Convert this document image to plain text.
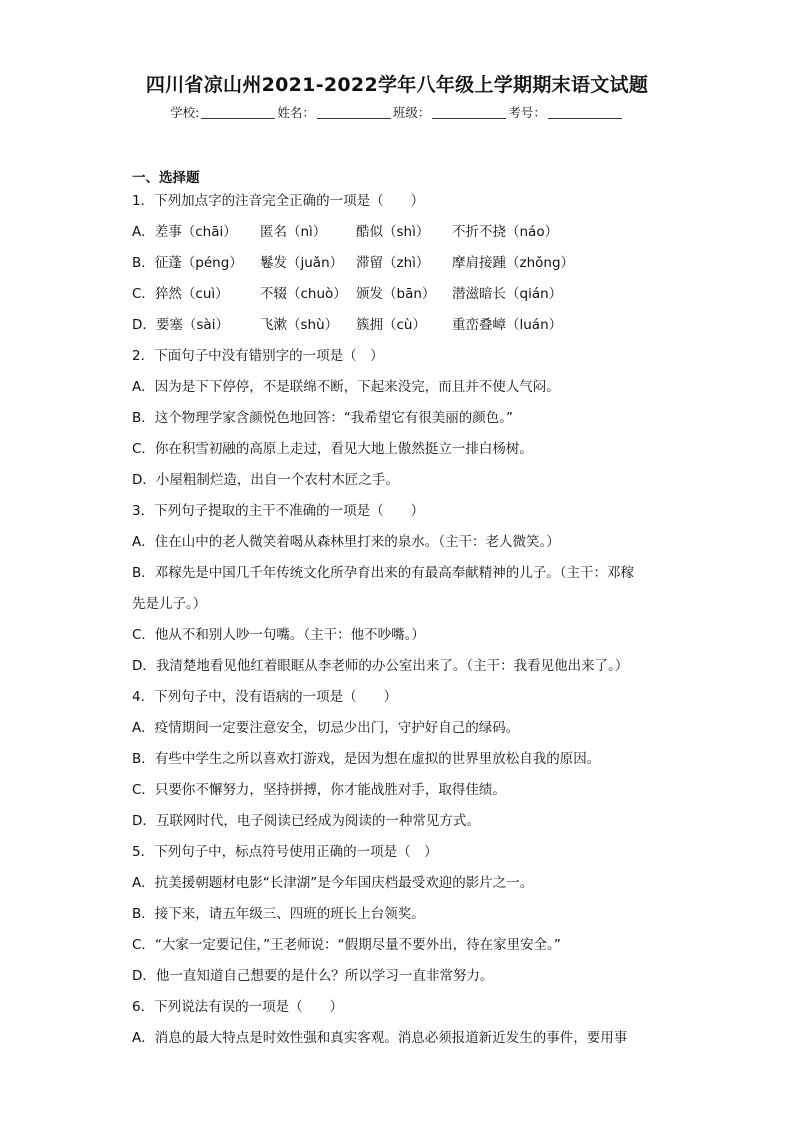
四川省凉山州2021-2022学年八年级上学期期末语文试题
学校:	姓名：	班级：	考号：
一、选择题
1．下列加点字的注音完全正确的一项是（　　）
A．差事（chāi） 匿名（nì） 酷似（shì） 不折不挠（náo）
B．征蓬（péng） 鬈发（juǎn） 滞留（zhì） 摩肩接踵（zhǒng）
C．猝然（cuì） 不辍（chuò） 颁发（bān） 潜滋暗长（qián）
D．要塞（sài） 飞漱（shù） 簇拥（cù） 重峦叠嶂（luán）
2．下面句子中没有错别字的一项是（　）
A．因为是下下停停，不是联绵不断，下起来没完，而且并不使人气闷。
B．这个物理学家含颜悦色地回答：“我希望它有很美丽的颜色。”
C．你在积雪初融的高原上走过，看见大地上傲然挺立一排白杨树。
D．小屋粗制烂造，出自一个农村木匠之手。
3．下列句子提取的主干不准确的一项是（　　）
A．住在山中的老人微笑着喝从森林里打来的泉水。（主干：老人微笑。）
B．邓稼先是中国几千年传统文化所孕育出来的有最高奉献精神的儿子。（主干：邓稼
先是儿子。）
C．他从不和别人吵一句嘴。（主干：他不吵嘴。）
D．我清楚地看见他红着眼眶从李老师的办公室出来了。（主干：我看见他出来了。）
4．下列句子中，没有语病的一项是（　　）
A．疫情期间一定要注意安全，切忌少出门，守护好自己的绿码。
B．有些中学生之所以喜欢打游戏，是因为想在虚拟的世界里放松自我的原因。
C．只要你不懈努力，坚持拼搏，你才能战胜对手，取得佳绩。
D．互联网时代，电子阅读已经成为阅读的一种常见方式。
5．下列句子中，标点符号使用正确的一项是（　）
A．抗美援朝题材电影“长津湖”是今年国庆档最受欢迎的影片之一。
B．接下来，请五年级三、四班的班长上台领奖。
C．“大家一定要记住，”王老师说：“假期尽量不要外出，待在家里安全。”
D．他一直知道自己想要的是什么？所以学习一直非常努力。
6．下列说法有误的一项是（　　）
A．消息的最大特点是时效性强和真实客观。消息必须报道新近发生的事件，要用事
